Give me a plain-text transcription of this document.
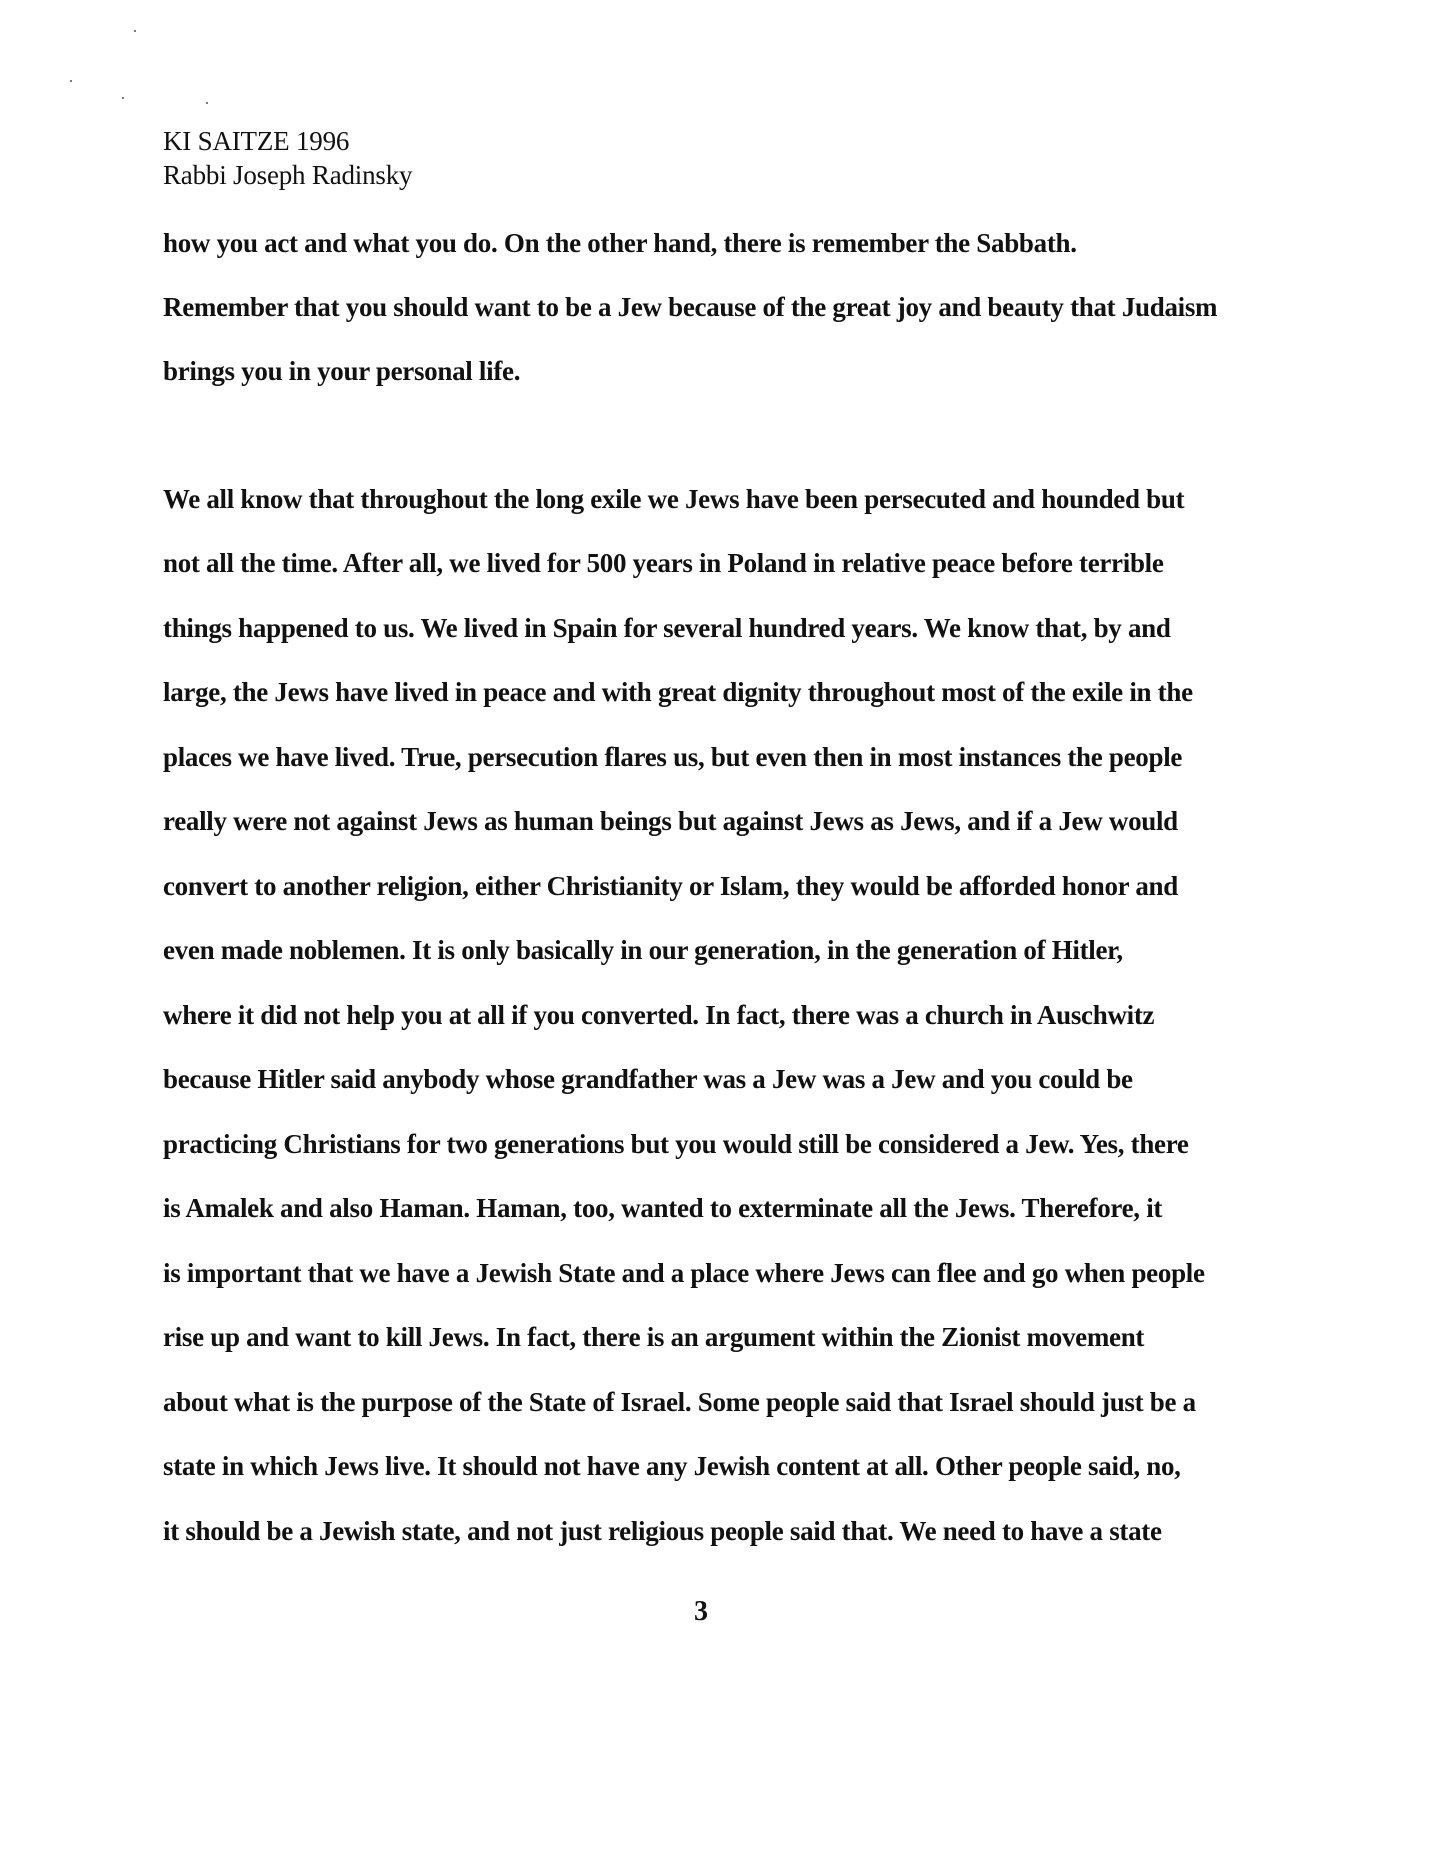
KI SAITZE 1996
Rabbi Joseph Radinsky
how you act and what you do. On the other hand, there is remember the Sabbath.
Remember that you should want to be a Jew because of the great joy and beauty that Judaism
brings you in your personal life.
We all know that throughout the long exile we Jews have been persecuted and hounded but
not all the time. After all, we lived for 500 years in Poland in relative peace before terrible
things happened to us. We lived in Spain for several hundred years. We know that, by and
large, the Jews have lived in peace and with great dignity throughout most of the exile in the
places we have lived. True, persecution flares us, but even then in most instances the people
really were not against Jews as human beings but against Jews as Jews, and if a Jew would
convert to another religion, either Christianity or Islam, they would be afforded honor and
even made noblemen. It is only basically in our generation, in the generation of Hitler,
where it did not help you at all if you converted. In fact, there was a church in Auschwitz
because Hitler said anybody whose grandfather was a Jew was a Jew and you could be
practicing Christians for two generations but you would still be considered a Jew. Yes, there
is Amalek and also Haman. Haman, too, wanted to exterminate all the Jews. Therefore, it
is important that we have a Jewish State and a place where Jews can flee and go when people
rise up and want to kill Jews. In fact, there is an argument within the Zionist movement
about what is the purpose of the State of Israel. Some people said that Israel should just be a
state in which Jews live. It should not have any Jewish content at all. Other people said, no,
it should be a Jewish state, and not just religious people said that. We need to have a state
3
